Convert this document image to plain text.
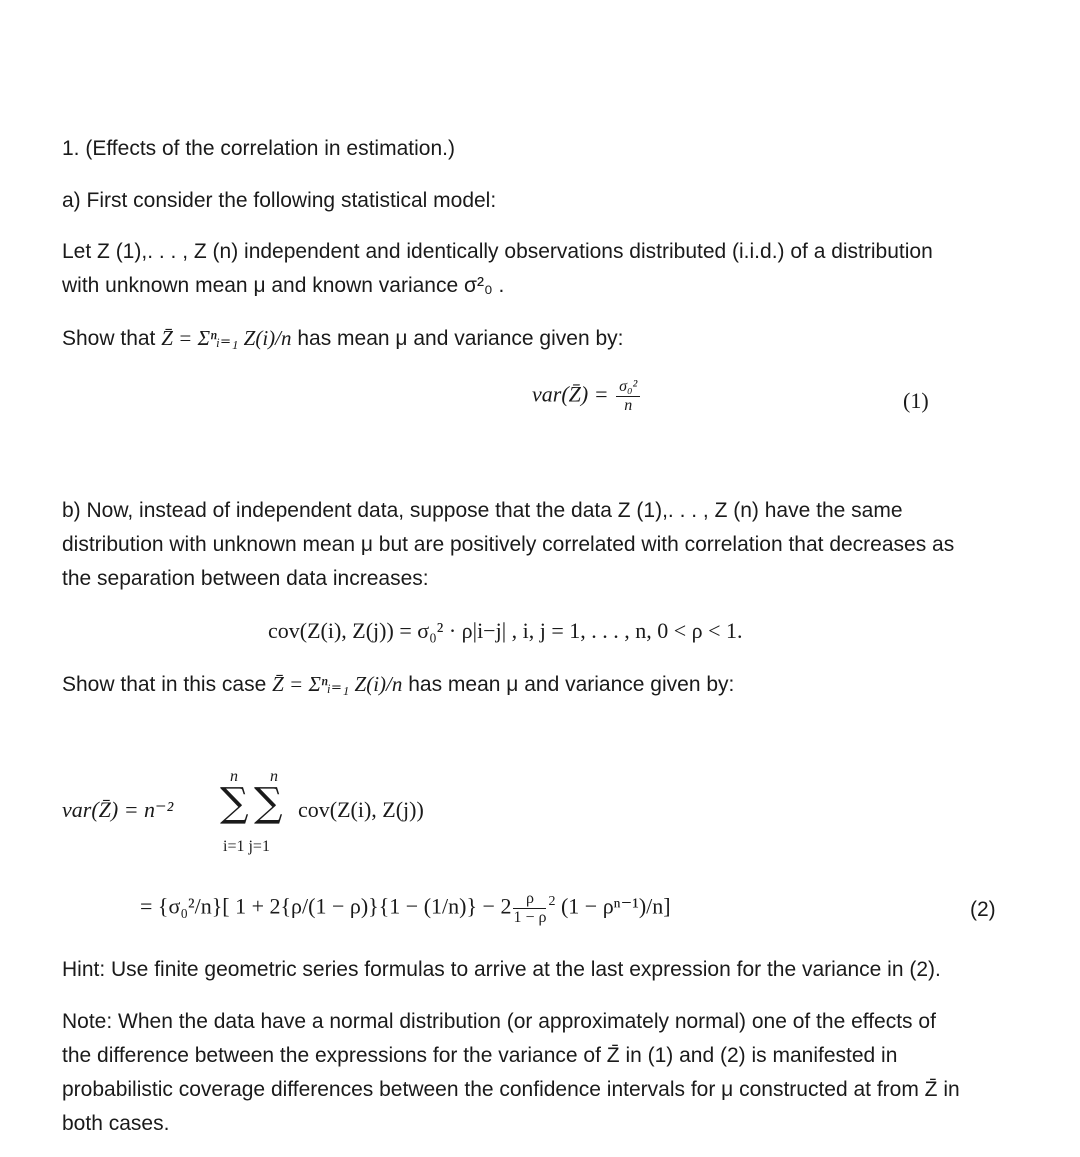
1. (Effects of the correlation in estimation.)
a) First consider the following statistical model:
Let Z (1),. . . , Z (n) independent and identically observations distributed (i.i.d.) of a distribution
with unknown mean μ and known variance σ²₀ .
Show that Z̄ = Σⁿᵢ₌₁ Z(i)/n has mean μ and variance given by:
var(Z̄) = $\frac{\text{σ₀²}}{n}$	(1)
b) Now, instead of independent data, suppose that the data Z (1),. . . , Z (n) have the same
distribution with unknown mean μ but are positively correlated with correlation that decreases as
the separation between data increases:
cov(Z(i), Z(j)) = σ₀² · ρ|i−j| , i, j = 1, . . . , n, 0 < ρ < 1.
Show that in this case Z̄ = Σⁿᵢ₌₁ Z(i)/n has mean μ and variance given by:
var(Z̄) = n⁻² ∑ ∑
n n
i=1 j=1
cov(Z(i), Z(j))
= {σ₀²/n}[ $1 + 2\{\rho/(1 - \rho)\}\{1 - (1/n)\} - 2 \frac{\rho}{1 - \rho} ^2$ (1 − ρⁿ⁻¹)/n]	(2)
Hint: Use finite geometric series formulas to arrive at the last expression for the variance in (2).
Note: When the data have a normal distribution (or approximately normal) one of the effects of
the difference between the expressions for the variance of Z̄ in (1) and (2) is manifested in
probabilistic coverage differences between the confidence intervals for μ constructed at from Z̄ in
both cases.
